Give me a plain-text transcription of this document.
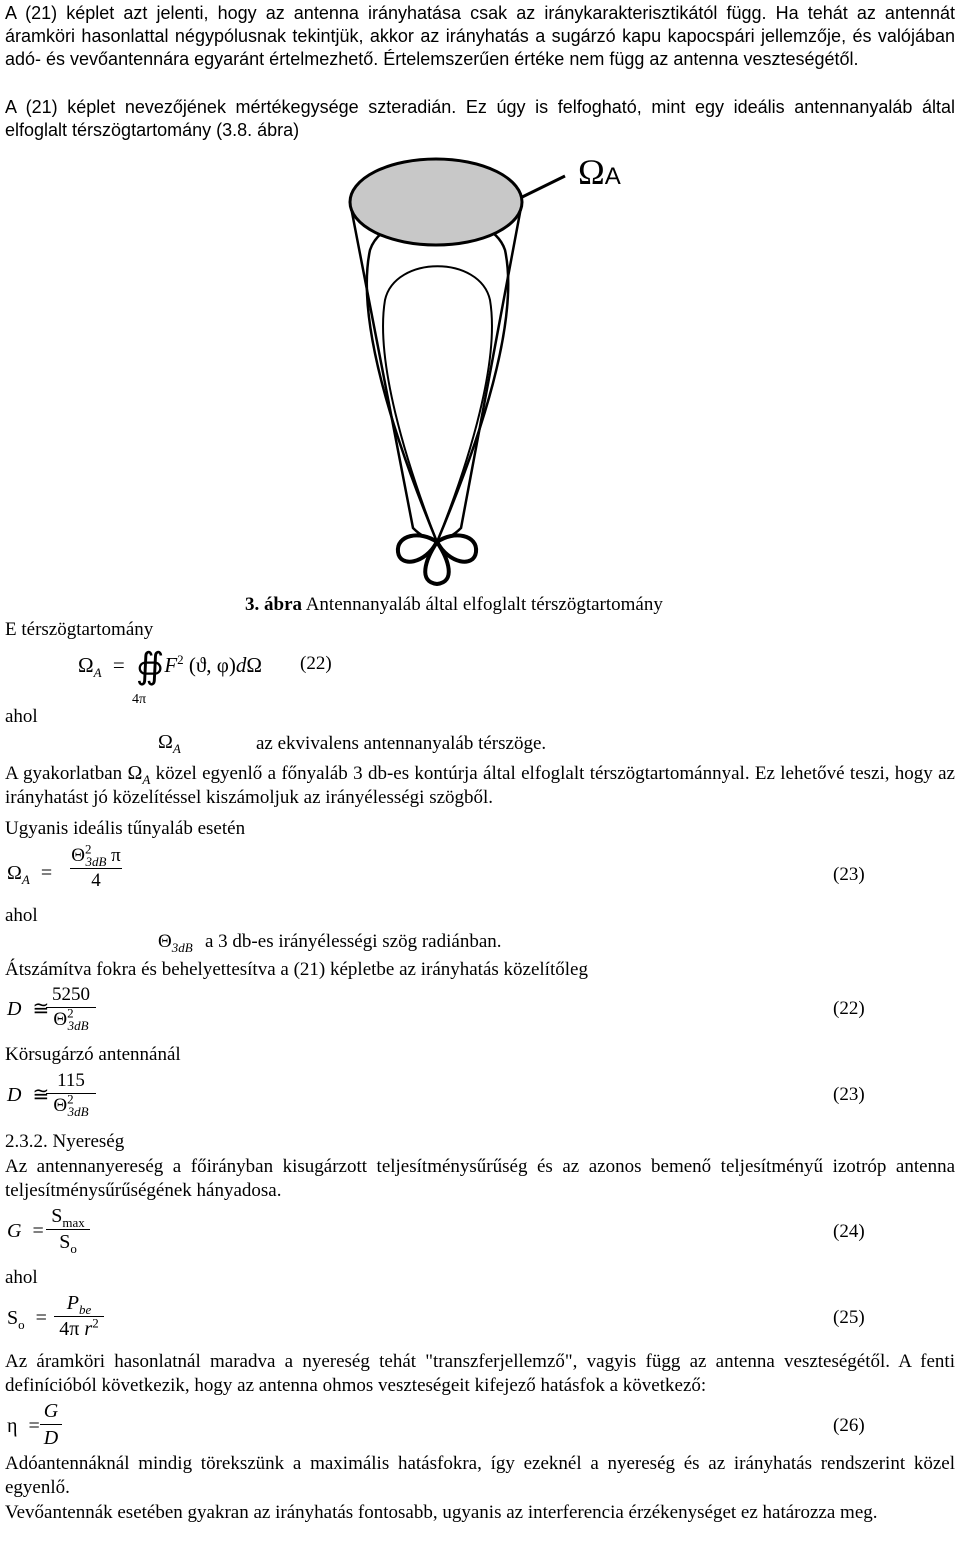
A (21) képlet azt jelenti, hogy az antenna irányhatása csak az iránykarakterisztikától függ. Ha tehát az antennát áramköri hasonlattal négypólusnak tekintjük, akkor az irányhatás a sugárzó kapu kapocspári jellemzője, és valójában adó- és vevőantennára egyaránt értelmezhető. Értelemszerűen értéke nem függ az antenna veszteségétől.
A (21) képlet nevezőjének mértékegysége szteradián. Ez úgy is felfogható, mint egy ideális antennanyaláb által elfoglalt térszögtartomány (3.8. ábra)
ΩA
3. ábra Antennanyaláb által elfoglalt térszögtartomány
E térszögtartomány
$\Omega_A$ = $∯F^2$ (ϑ, φ)dΩ
4π
(22)
ahol
$\Omega_A$	az ekvivalens antennanyaláb térszöge.
A gyakorlatban $\Omega_A$ közel egyenlő a főnyaláb 3 db-es kontúrja által elfoglalt térszögtartománnyal. Ez lehetővé teszi, hogy az irányhatást jó közelítéssel kiszámoljuk az irányélességi szögből.
Ugyanis ideális tűnyaláb esetén
$\Omega_A = \frac{\Theta^2_{3dB} \pi}{4}$	(23)
ahol
$\Theta_{3dB}$ a 3 db-es irányélességi szög radiánban.
Átszámítva fokra és behelyettesítva a (21) képletbe az irányhatás közelítőleg
D ≅
$\frac{5250}{\Theta^2_{3dB}}$	(22)
Körsugárzó antennánál
D ≅
$\frac{115}{\Theta^2_{3dB}}$	(23)
2.3.2. Nyereség
Az antennanyereség a főirányban kisugárzott teljesítménysűrűség és az azonos bemenő teljesítményű izotróp antenna teljesítménysűrűségének hányadosa.
G =
$S_{max}$
$S_o$
(24)
ahol
$S_o$ =
$P_{be}$
4π $r^2$	(25)
Az áramköri hasonlatnál maradva a nyereség tehát "transzferjellemző", vagyis függ az antenna veszteségétől. A fenti definícióból következik, hogy az antenna ohmos veszteségeit kifejező hatásfok a következő:
$\eta = \frac{G}{D}$	(26)
Adóantennáknál mindig törekszünk a maximális hatásfokra, így ezeknél a nyereség és az irányhatás rendszerint közel egyenlő.
Vevőantennák esetében gyakran az irányhatás fontosabb, ugyanis az interferencia érzékenységet ez határozza meg.
